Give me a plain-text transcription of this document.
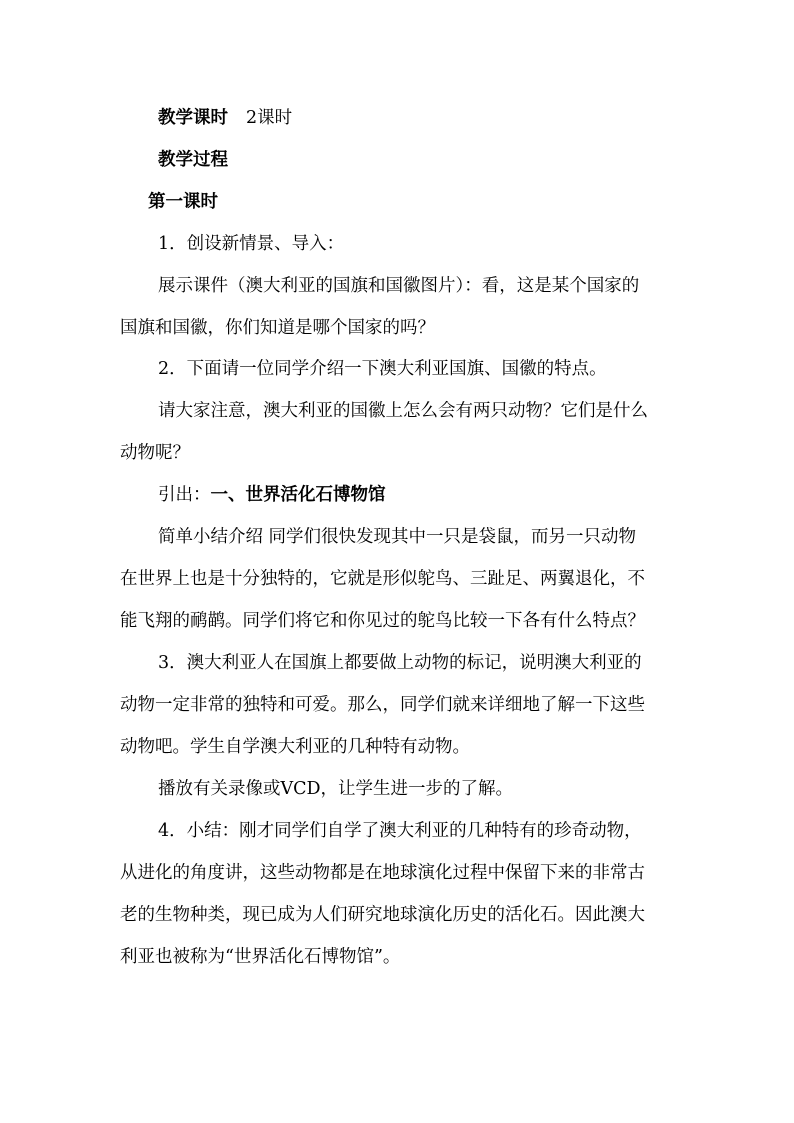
教学课时 2课时

教学过程

第一课时

1．创设新情景、导入：

展示课件（澳大利亚的国旗和国徽图片）：看，这是某个国家的

国旗和国徽，你们知道是哪个国家的吗？

2．下面请一位同学介绍一下澳大利亚国旗、国徽的特点。

请大家注意，澳大利亚的国徽上怎么会有两只动物？它们是什么

动物呢？

引出：一、世界活化石博物馆

简单小结介绍 同学们很快发现其中一只是袋鼠，而另一只动物

在世界上也是十分独特的，它就是形似鸵鸟、三趾足、两翼退化，不

能飞翔的鸸鹋。同学们将它和你见过的鸵鸟比较一下各有什么特点？

3．澳大利亚人在国旗上都要做上动物的标记，说明澳大利亚的

动物一定非常的独特和可爱。那么，同学们就来详细地了解一下这些

动物吧。学生自学澳大利亚的几种特有动物。

播放有关录像或VCD，让学生进一步的了解。

4．小结：刚才同学们自学了澳大利亚的几种特有的珍奇动物，

从进化的角度讲，这些动物都是在地球演化过程中保留下来的非常古

老的生物种类，现已成为人们研究地球演化历史的活化石。因此澳大

利亚也被称为“世界活化石博物馆”。
